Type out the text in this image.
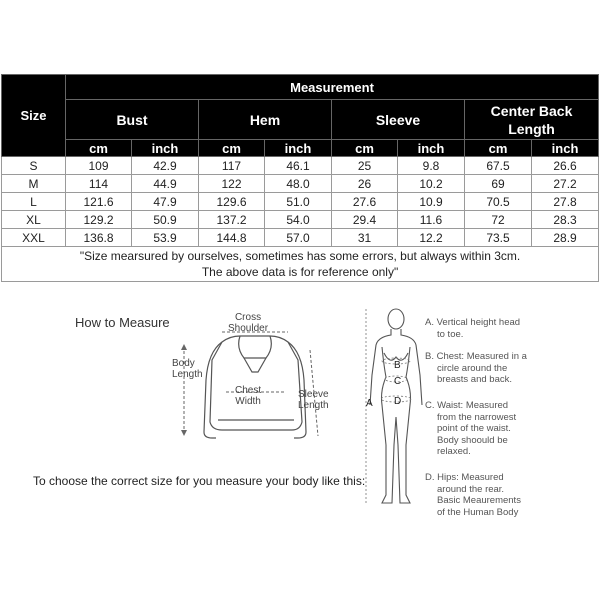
Size	Measurement							
	Bust		Hem		Sleeve		Center Back Length	
	cm	inch	cm	inch	cm	inch	cm	inch
S	109	42.9	117	46.1	25	9.8	67.5	26.6
M	114	44.9	122	48.0	26	10.2	69	27.2
L	121.6	47.9	129.6	51.0	27.6	10.9	70.5	27.8
XL	129.2	50.9	137.2	54.0	29.4	11.6	72	28.3
XXL	136.8	53.9	144.8	57.0	31	12.2	73.5	28.9

"Size mearsured by ourselves, sometimes has some errors, but always within 3cm.
The above data is for reference only"								
How to Measure	Cross
Shoulder
Body
Length
Chest
Width
Sleeve
Length
To choose the correct size for you measure your body like this:
A
B
C
D
A. Vertical height head
to toe.
B. Chest: Measured in a
circle around the
breasts and back.
C. Waist: Measured
from the narrowest
point of the waist.
Body shoould be
relaxed.
D. Hips: Measured
around the rear.
Basic Meaurements
of the Human Body
